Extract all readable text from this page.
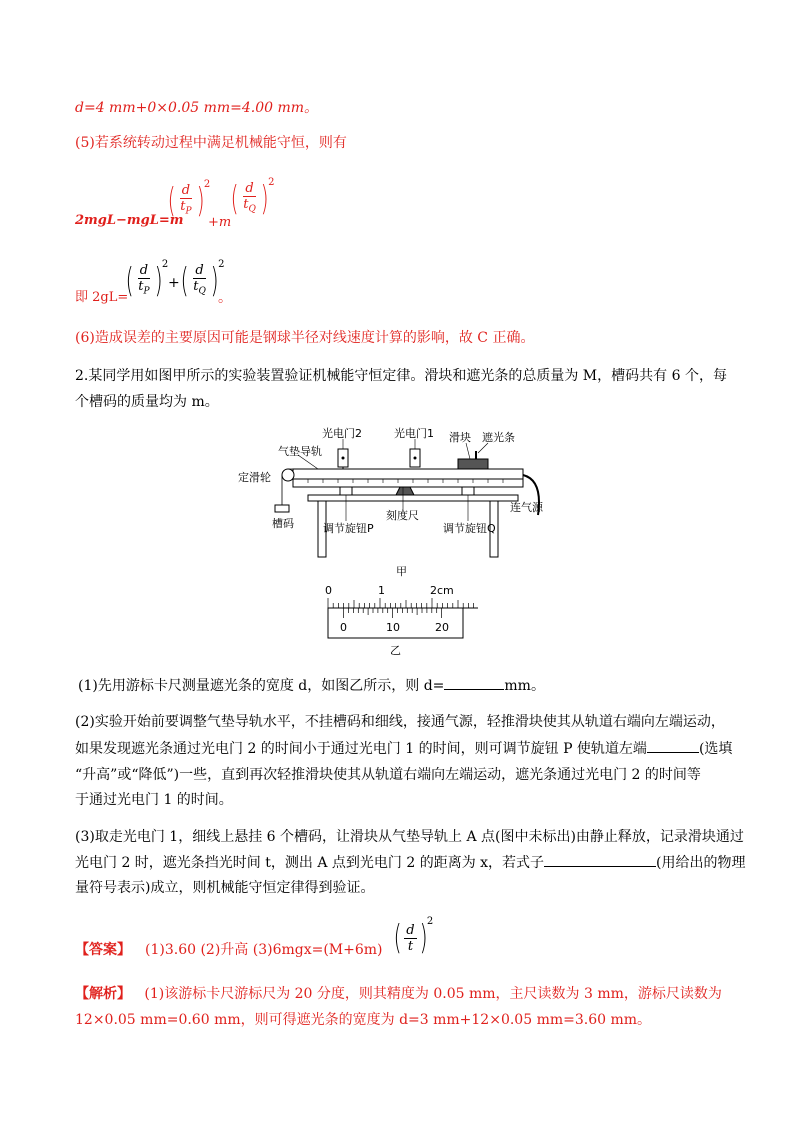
d=4 mm+0×0.05 mm=4.00 mm。
(5)若系统转动过程中满足机械能守恒，则有
2mgL−mgL=m
( $\frac{d}{t_P} )^2$
+m
( $\frac{d}{t_Q} )^2$
即 2gL=
( $\frac{d}{t_P} )^2$
+ ( $\frac{d}{t_Q} )^2$
。
(6)造成误差的主要原因可能是钢球半径对线速度计算的影响，故 C 正确。
2.某同学用如图甲所示的实验装置验证机械能守恒定律。滑块和遮光条的总质量为 M，槽码共有 6 个，每
个槽码的质量均为 m。
光电门2	光电门1 滑块 遮光条
气垫导轨
定滑轮
连气源
槽码
刻度尺
调节旋钮P	调节旋钮Q
甲
0	1	2cm
0	10	20
乙
(1)先用游标卡尺测量遮光条的宽度 d，如图乙所示，则 d=	mm。
(2)实验开始前要调整气垫导轨水平，不挂槽码和细线，接通气源，轻推滑块使其从轨道右端向左端运动，
如果发现遮光条通过光电门 2 的时间小于通过光电门 1 的时间，则可调节旋钮 P 使轨道左端	(选填
“升高”或“降低”)一些，直到再次轻推滑块使其从轨道右端向左端运动，遮光条通过光电门 2 的时间等
于通过光电门 1 的时间。
(3)取走光电门 1，细线上悬挂 6 个槽码，让滑块从气垫导轨上 A 点(图中未标出)由静止释放，记录滑块通过
光电门 2 时，遮光条挡光时间 t，测出 A 点到光电门 2 的距离为 x，若式子	(用给出的物理
量符号表示)成立，则机械能守恒定律得到验证。
【答案】 (1)3.60 (2)升高 (3)6mgx=(M+6m) ( $\frac{d}{t} )^2$
【解析】 (1)该游标卡尺游标尺为 20 分度，则其精度为 0.05 mm，主尺读数为 3 mm，游标尺读数为
12×0.05 mm=0.60 mm，则可得遮光条的宽度为 d=3 mm+12×0.05 mm=3.60 mm。
